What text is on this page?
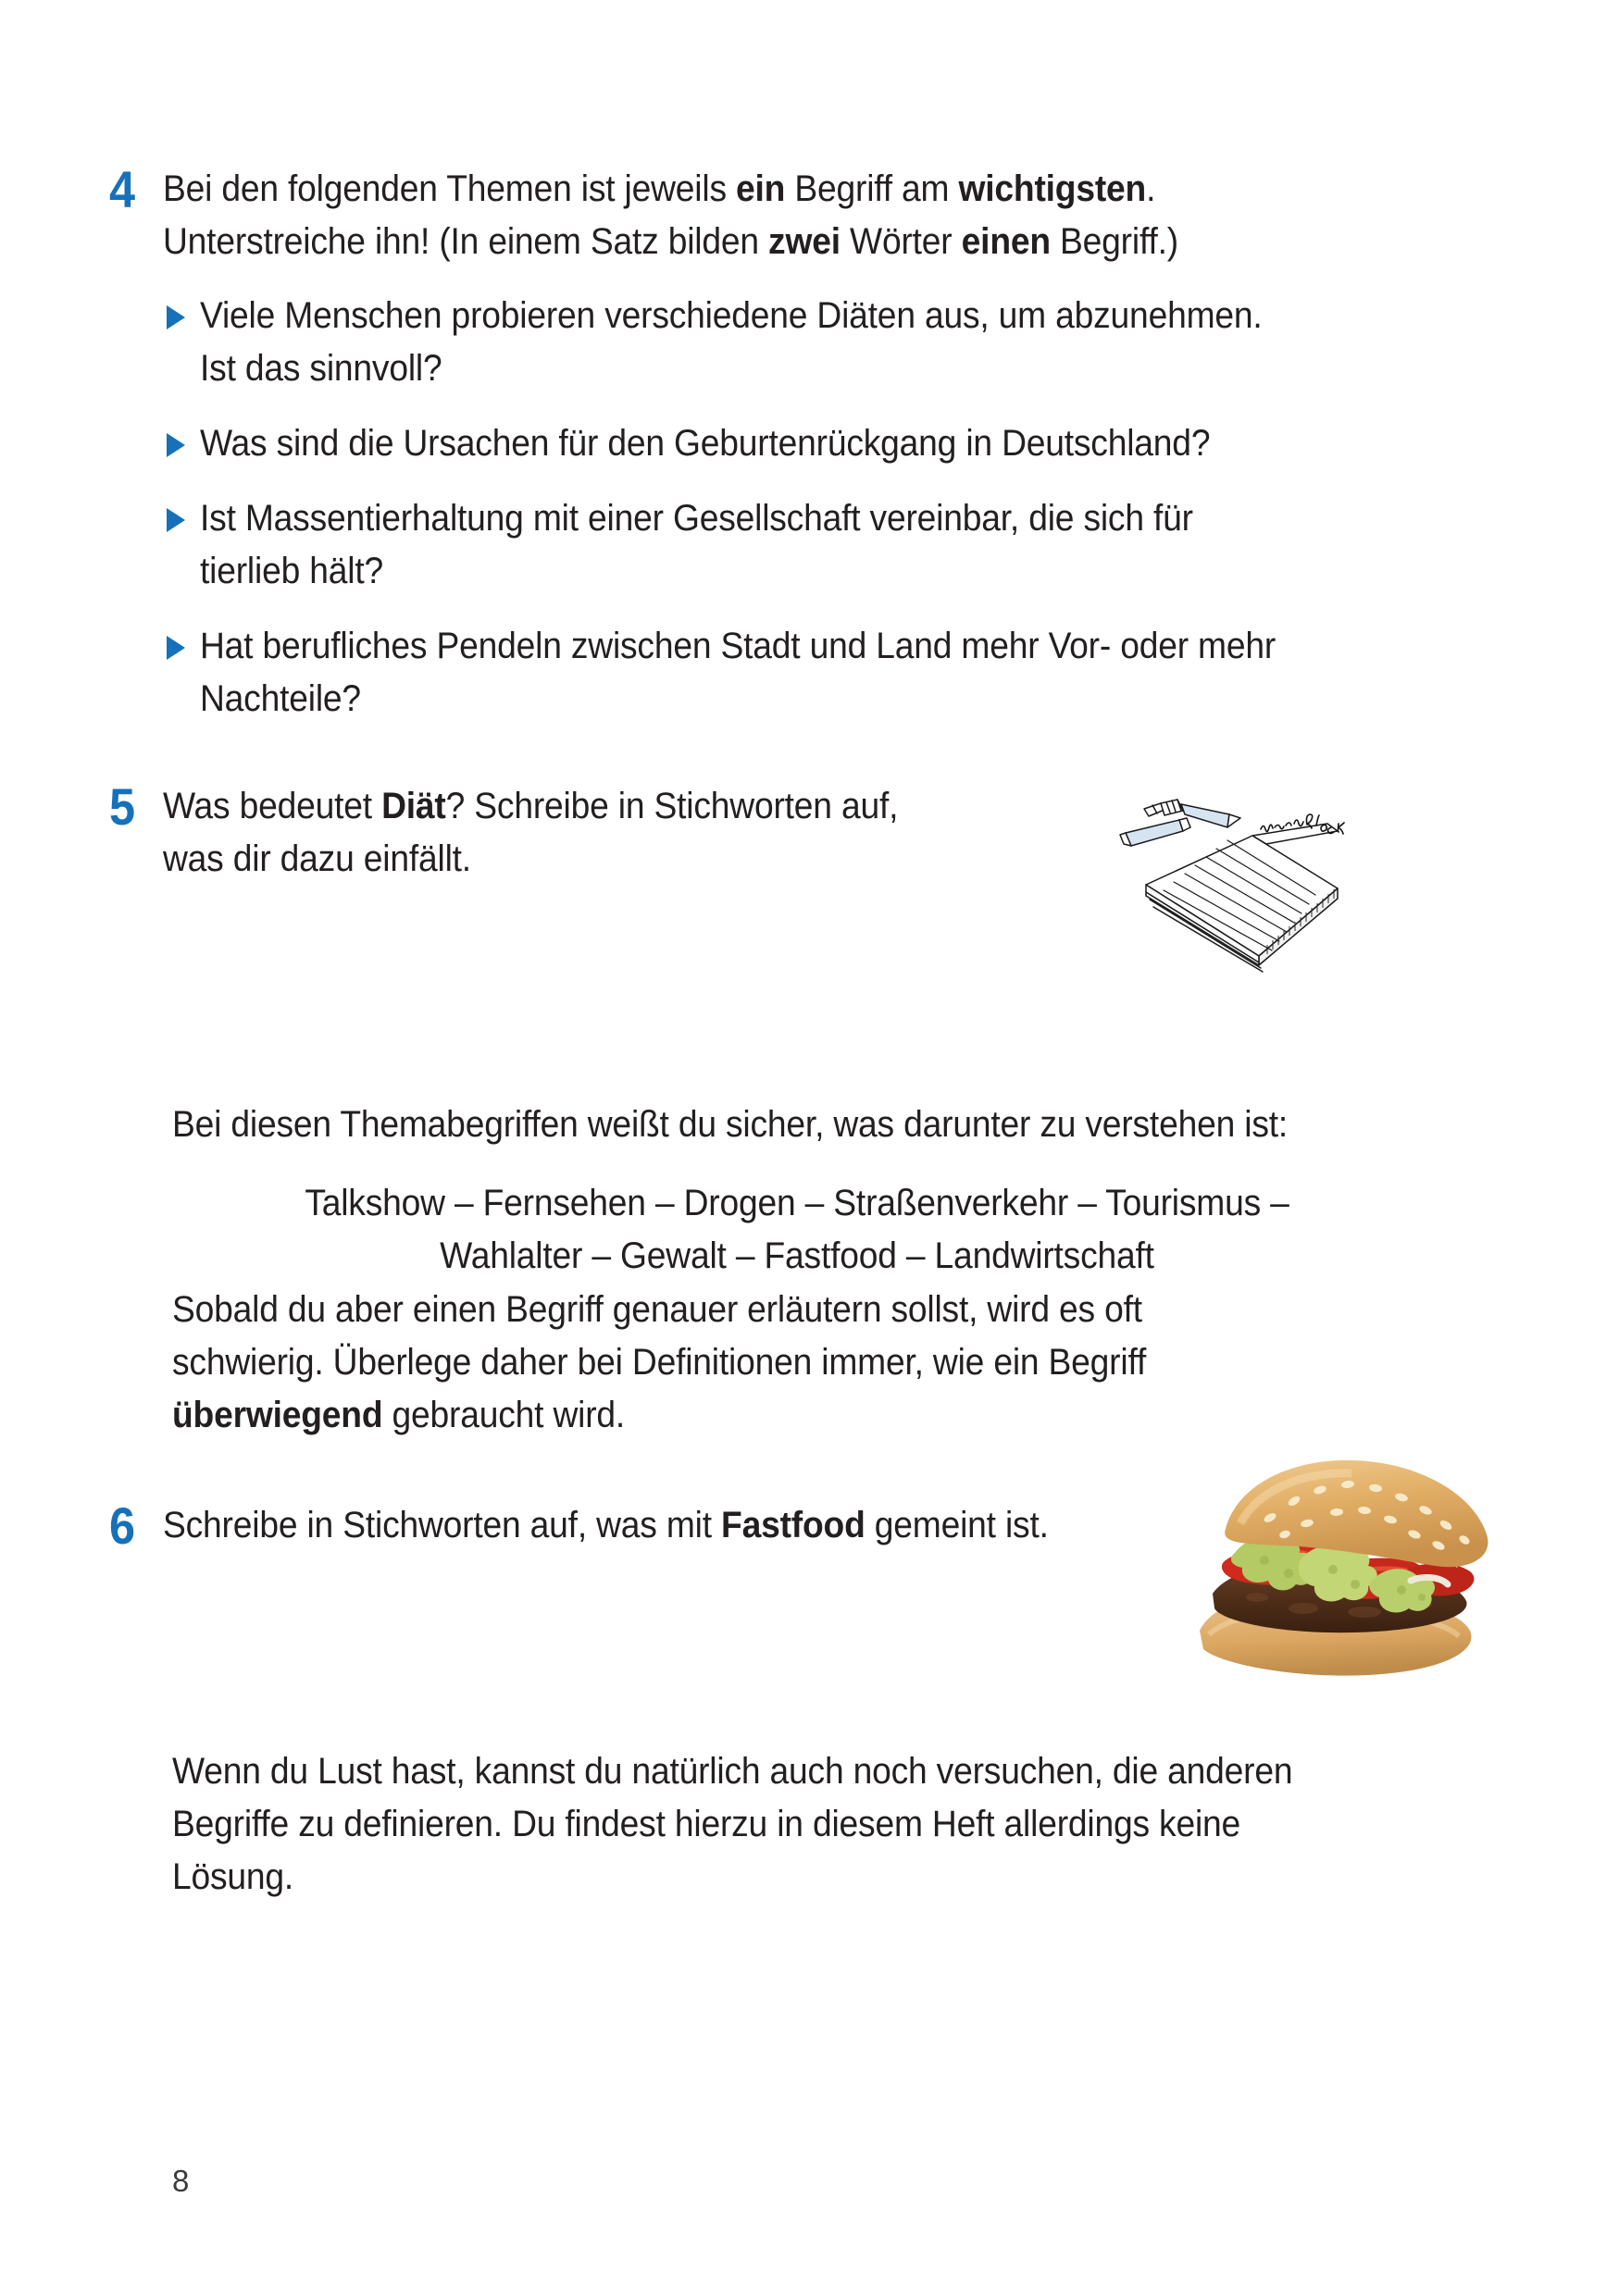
4 Bei den folgenden Themen ist jeweils ein Begriff am wichtigsten.
Unterstreiche ihn! (In einem Satz bilden zwei Wörter einen Begriff.)
Viele Menschen probieren verschiedene Diäten aus, um abzunehmen. Ist das sinnvoll?
Was sind die Ursachen für den Geburtenrückgang in Deutschland?
Ist Massentierhaltung mit einer Gesellschaft vereinbar, die sich für tierlieb hält?
Hat berufliches Pendeln zwischen Stadt und Land mehr Vor- oder mehr Nachteile?
5 Was bedeutet Diät? Schreibe in Stichworten auf, was dir dazu einfällt.
Bei diesen Themabegriffen weißt du sicher, was darunter zu verstehen ist:
Talkshow – Fernsehen – Drogen – Straßenverkehr – Tourismus –
Wahlalter – Gewalt – Fastfood – Landwirtschaft
Sobald du aber einen Begriff genauer erläutern sollst, wird es oft schwierig. Überlege daher bei Definitionen immer, wie ein Begriff überwiegend gebraucht wird.
6 Schreibe in Stichworten auf, was mit Fastfood gemeint ist.
Wenn du Lust hast, kannst du natürlich auch noch versuchen, die anderen Begriffe zu definieren. Du findest hierzu in diesem Heft allerdings keine Lösung.
8
